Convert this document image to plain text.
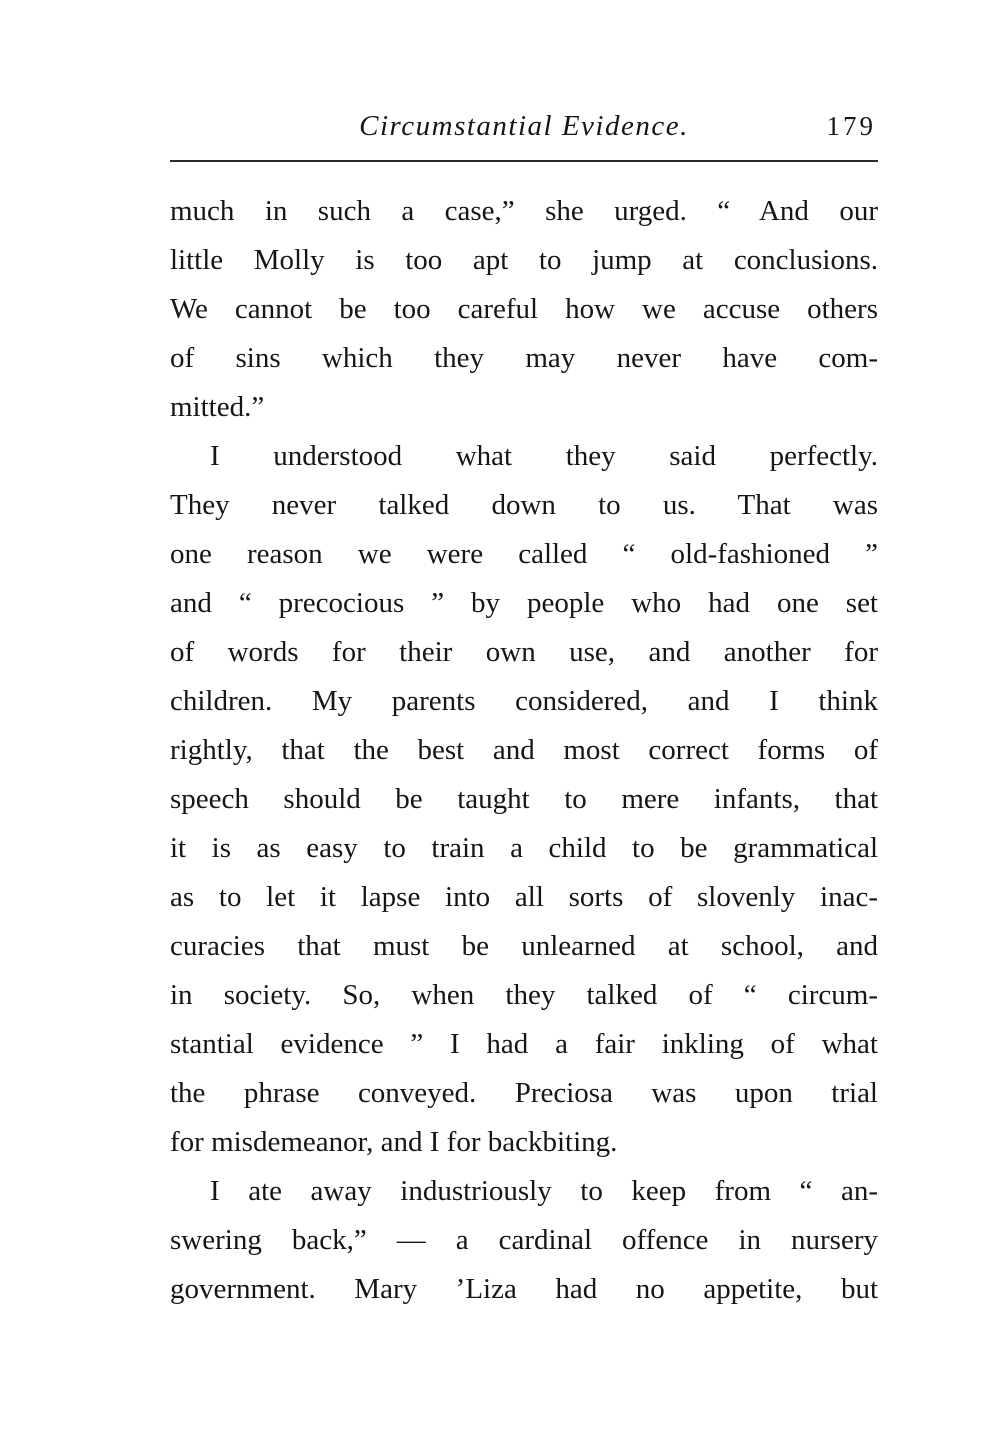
Circumstantial Evidence.	179
much in such a case,” she urged. “ And our
little Molly is too apt to jump at conclusions.
We cannot be too careful how we accuse others
of sins which they may never have com-
mitted.”
I understood what they said perfectly.
They never talked down to us. That was
one reason we were called “ old-fashioned ”
and “ precocious ” by people who had one set
of words for their own use, and another for
children. My parents considered, and I think
rightly, that the best and most correct forms of
speech should be taught to mere infants, that
it is as easy to train a child to be grammatical
as to let it lapse into all sorts of slovenly inac-
curacies that must be unlearned at school, and
in society. So, when they talked of “ circum-
stantial evidence ” I had a fair inkling of what
the phrase conveyed. Preciosa was upon trial
for misdemeanor, and I for backbiting.
I ate away industriously to keep from “ an-
swering back,” — a cardinal offence in nursery
government. Mary ’Liza had no appetite, but
